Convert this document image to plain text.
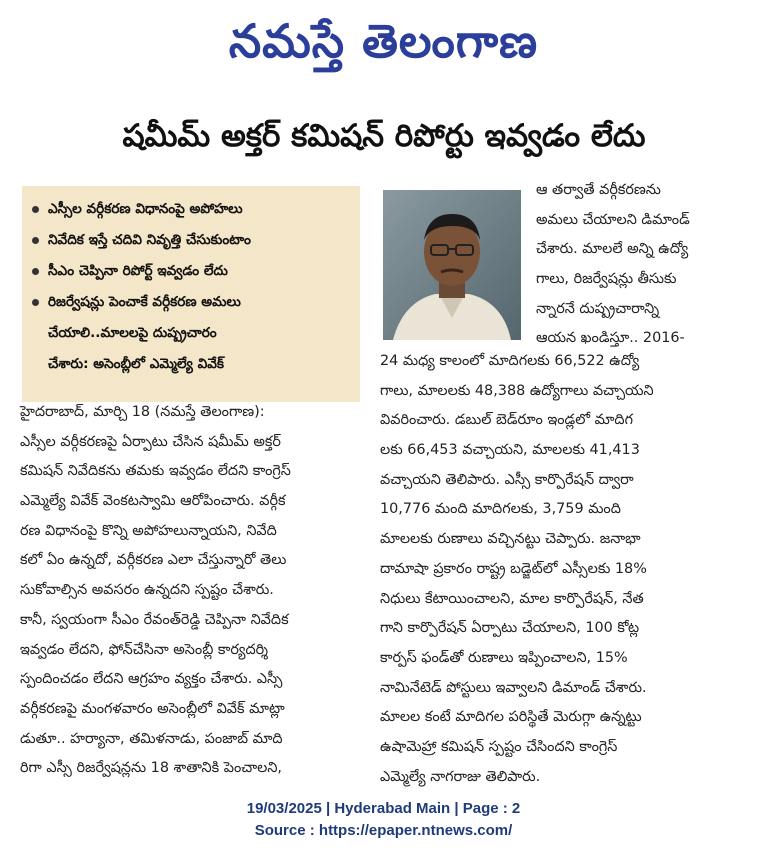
నమస్తే తెలంగాణ
షమీమ్ అక్తర్ కమిషన్ రిపోర్టు ఇవ్వడం లేదు
ఎస్సీల వర్గీకరణ విధానంపై అపోహలు
నివేదిక ఇస్తే చదివి నివృత్తి చేసుకుంటాం
సీఎం చెప్పినా రిపోర్ట్ ఇవ్వడం లేదు
రిజర్వేషన్లు పెంచాకే వర్గీకరణ అమలు
చేయాలి..మాలలపై దుష్ప్రచారం
చేశారు: అసెంబ్లీలో ఎమ్మెల్యే వివేక్
ఆ తర్వాతే వర్గీకరణను
అమలు చేయాలని డిమాండ్
చేశారు. మాలలే అన్ని ఉద్యో
గాలు, రిజర్వేషన్లు తీసుకు
న్నారనే దుష్ప్రచారాన్ని
ఆయన ఖండిస్తూ.. 2016-
హైదరాబాద్, మార్చి 18 (నమస్తే తెలంగాణ):
ఎస్సీల వర్గీకరణపై ఏర్పాటు చేసిన షమీమ్ అక్తర్
కమిషన్ నివేదికను తమకు ఇవ్వడం లేదని కాంగ్రెస్
ఎమ్మెల్యే వివేక్ వెంకటస్వామి ఆరోపించారు. వర్గీక
రణ విధానంపై కొన్ని అపోహలున్నాయని, నివేది
కలో ఏం ఉన్నదో, వర్గీకరణ ఎలా చేస్తున్నారో తెలు
సుకోవాల్సిన అవసరం ఉన్నదని స్పష్టం చేశారు.
కానీ, స్వయంగా సీఎం రేవంత్‌రెడ్డి చెప్పినా నివేదిక
ఇవ్వడం లేదని, ఫోన్‌చేసినా అసెంబ్లీ కార్యదర్శి
స్పందించడం లేదని ఆగ్రహం వ్యక్తం చేశారు. ఎస్సీ
వర్గీకరణపై మంగళవారం అసెంబ్లీలో వివేక్ మాట్లా
డుతూ.. హర్యానా, తమిళనాడు, పంజాబ్ మాది
రిగా ఎస్సీ రిజర్వేషన్లను 18 శాతానికి పెంచాలని,
24 మధ్య కాలంలో మాదిగలకు 66,522 ఉద్యో
గాలు, మాలలకు 48,388 ఉద్యోగాలు వచ్చాయని
వివరించారు. డబుల్ బెడ్‌రూం ఇండ్లలో మాదిగ
లకు 66,453 వచ్చాయని, మాలలకు 41,413
వచ్చాయని తెలిపారు. ఎస్సీ కార్పొరేషన్ ద్వారా
10,776 మంది మాదిగలకు, 3,759 మంది
మాలలకు రుణాలు వచ్చినట్టు చెప్పారు. జనాభా
దామాషా ప్రకారం రాష్ట్ర బడ్జెట్‌లో ఎస్సీలకు 18%
నిధులు కేటాయించాలని, మాల కార్పొరేషన్, నేత
గాని కార్పొరేషన్ ఏర్పాటు చేయాలని, 100 కోట్ల
కార్పస్ ఫండ్‌తో రుణాలు ఇప్పించాలని, 15%
నామినేటెడ్ పోస్టులు ఇవ్వాలని డిమాండ్ చేశారు.
మాలల కంటే మాదిగల పరిస్థితే మెరుగ్గా ఉన్నట్టు
ఉషామెహ్రా కమిషన్ స్పష్టం చేసిందని కాంగ్రెస్
ఎమ్మెల్యే నాగరాజు తెలిపారు.
19/03/2025 | Hyderabad Main | Page : 2
Source : https://epaper.ntnews.com/
